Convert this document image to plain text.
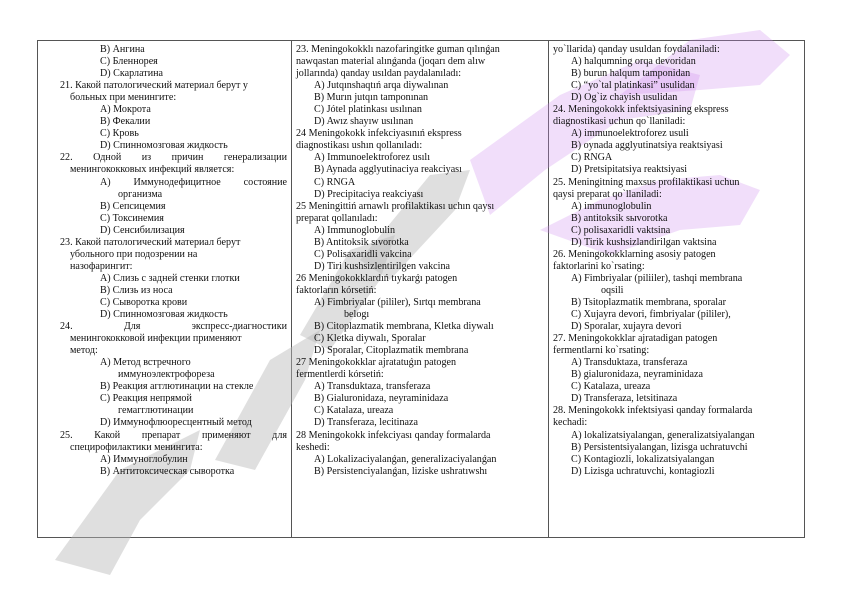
B) Ангина
C) Бленнорея
D) Скарлатина
21. Какой патологический материал берут у
больных при менингите:
A) Мокрота
B) Фекалии
C) Кровь
D) Спинномозговая жидкость
22. Одной из причин генерализации
менингококковых инфекций является:
A) Иммунодефицитное состояние
организма
B) Сепсицемия
C) Токсинемия
D) Сенсибилизация
23. Какой патологический материал берут
убольного при подозрении на
назофарингит:
A) Слизь с задней стенки глотки
B) Слизь из носа
C) Сыворотка крови
D) Спинномозговая жидкость
24. Для экспресс-диагностики
менингококковой инфекции применяют
метод:
A) Метод встречного
иммуноэлектрофореза
B) Реакция агглютинации на стекле
C) Реакция непрямой
гемагглютинации
D) Иммунофлюоресцентный метод
25. Какой препарат применяют для
специрофилактики менингита:
A) Иммуноглобулин
B) Антитоксическая сыворотка
23. Meningokokklı nazofaringitke guman qılınǵan
nawqastan material alınǵanda (joqarı dem alıw
jollarında) qanday usıldan paydalanıladı:
A) Jutqınshaqtıń arqa diywalınan
B) Murın jutqın tamponınan
C) Jótel platinkası usılınan
D) Awız shayıw usılınan
24 Meningokokk infekciyasınıń ekspress
diagnostikası ushın qollanıladı:
A) Immunoelektroforez usılı
B) Aynada agglyutinaciya reakciyası
C) RNGA
D) Precipitaciya reakciyası
25 Meningittiń arnawlı profilaktikası uchın qaysı
preparat qollanıladı:
A) Immunoglobulin
B) Antitoksik sıvorotka
C) Polisaxaridli vakcina
D) Tiri kushsizlentirilgen vakcina
26 Meningokokklardıń tıykarǵı patogen
faktorların kórsetiń:
A) Fimbriyalar (pililer), Sırtqı membrana
belogı
B) Citoplazmatik membrana, Kletka diywalı
C) Kletka diywalı, Sporalar
D) Sporalar, Citoplazmatik membrana
27 Meningokokklar ajratatuǵın patogen
fermentlerdi kórsetiń:
A) Transduktaza, transferaza
B) Gialuronidaza, neyraminidaza
C) Katalaza, ureaza
D) Transferaza, lecitinaza
28 Meningokokk infekciyası qanday formalarda
keshedi:
A) Lokalizaciyalanǵan, generalizaciyalanǵan
B) Persistenciyalanǵan, liziske ushratıwshı
yo`llarida) qanday usuldan foydalaniladi:
A) halqumning orqa devoridan
B) burun halqum tamponidan
C) “yo`tal platinkasi” usulidan
D) Og`iz chayish usulidan
24. Meningokokk infektsiyasining ekspress
diagnostikasi uchun qo`llaniladi:
A) immunoelektroforez usuli
B) oynada agglyutinatsiya reaktsiyasi
C) RNGA
D) Pretsipitatsiya reaktsiyasi
25. Meningitning maxsus profilaktikasi uchun
qaysi preparat qo`llaniladi:
A) immunoglobulin
B) antitoksik sыvorotka
C) polisaxaridli vaktsina
D) Tirik kushsizlandirilgan vaktsina
26. Meningokokklarning asosiy patogen
faktorlarini ko`rsating:
A) Fimbriyalar (piliiler), tashqi membrana
oqsili
B) Tsitoplazmatik membrana, sporalar
C) Xujayra devori, fimbriyalar (pililer),
D) Sporalar, xujayra devori
27. Meningokokklar ajratadigan patogen
fermentlarni ko`rsating:
A) Transduktaza, transferaza
B) gialuronidaza, neyraminidaza
C) Katalaza, ureaza
D) Transferaza, letsitinaza
28. Meningokokk infektsiyasi qanday formalarda
kechadi:
A) lokalizatsiyalangan, generalizatsiyalangan
B) Persistentsiyalangan, lizisga uchratuvchi
C) Kontagiozli, lokalizatsiyalangan
D) Lizisga uchratuvchi, kontagiozli
